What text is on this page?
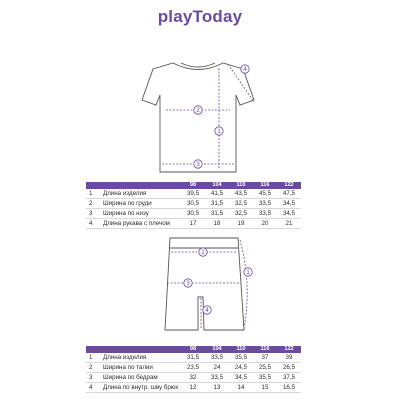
playToday
2
3
1
4
2
3
1
4
		98	104	110	116	122
1	Длина изделия	39,5	41,5	43,5	45,5	47,5
2	Ширина по груди	30,5	31,5	32,5	33,5	34,5
3	Ширина по низу	30,5	31,5	32,5	33,5	34,5
4	Длина рукава с плечом	17	18	19	20	21
		98	104	110	116	122
1	Длина изделия	31,5	33,5	35,5	37	39
2	Ширина по талии	23,5	24	24,5	25,5	26,5
3	Ширина по бедрам	32	33,5	34,5	35,5	37,5
4	Длина по внутр. шву брюк	12	13	14	15	16,5
